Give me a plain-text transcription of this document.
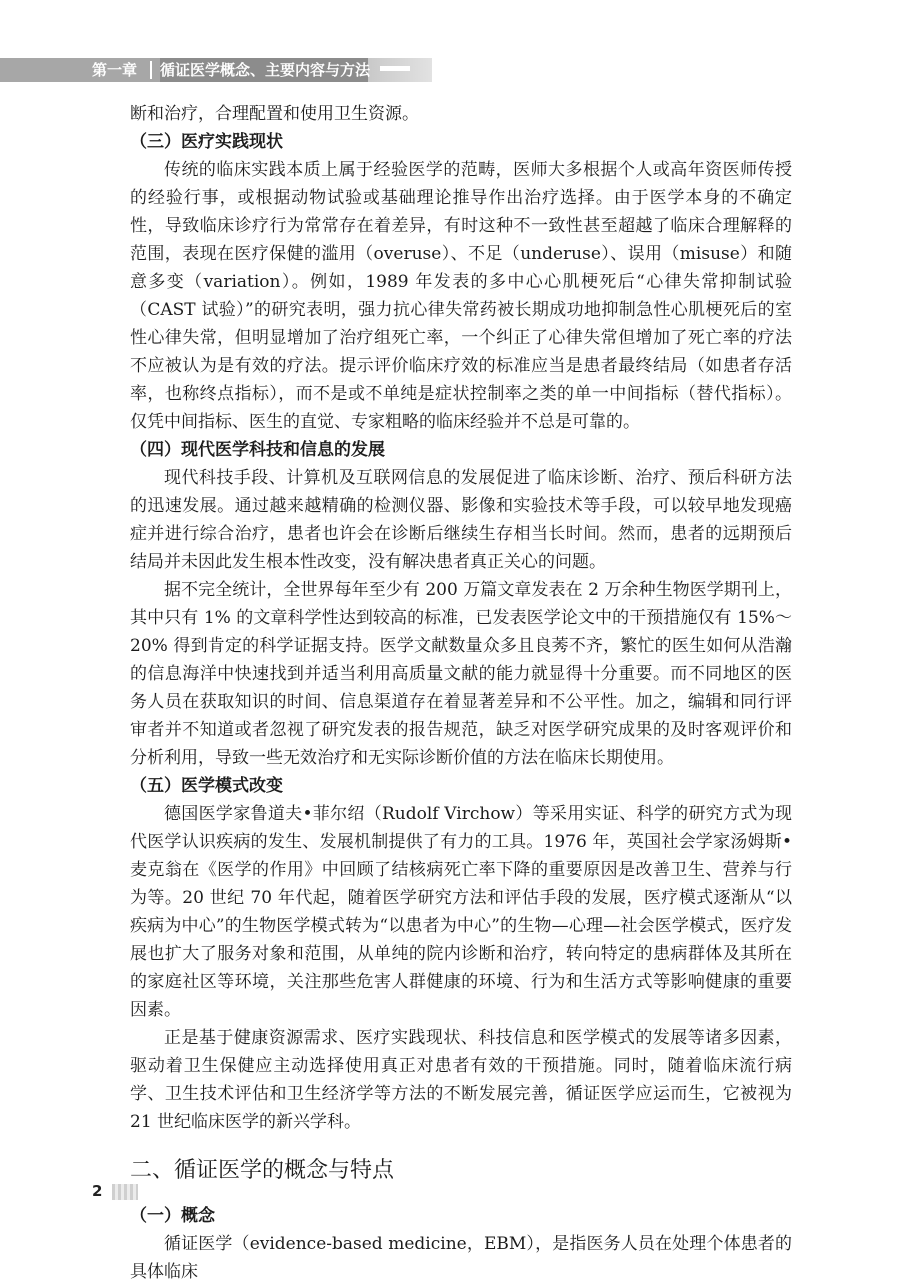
第一章 循证医学概念、主要内容与方法

断和治疗，合理配置和使用卫生资源。

（三）医疗实践现状

传统的临床实践本质上属于经验医学的范畴，医师大多根据个人或高年资医师传授的经验行事，或根据动物试验或基础理论推导作出治疗选择。由于医学本身的不确定性，导致临床诊疗行为常常存在着差异，有时这种不一致性甚至超越了临床合理解释的范围，表现在医疗保健的滥用（overuse）、不足（underuse）、误用（misuse）和随意多变（variation）。例如，1989 年发表的多中心心肌梗死后“心律失常抑制试验（CAST 试验）”的研究表明，强力抗心律失常药被长期成功地抑制急性心肌梗死后的室性心律失常，但明显增加了治疗组死亡率，一个纠正了心律失常但增加了死亡率的疗法不应被认为是有效的疗法。提示评价临床疗效的标准应当是患者最终结局（如患者存活率，也称终点指标），而不是或不单纯是症状控制率之类的单一中间指标（替代指标）。仅凭中间指标、医生的直觉、专家粗略的临床经验并不总是可靠的。

（四）现代医学科技和信息的发展

现代科技手段、计算机及互联网信息的发展促进了临床诊断、治疗、预后科研方法的迅速发展。通过越来越精确的检测仪器、影像和实验技术等手段，可以较早地发现癌症并进行综合治疗，患者也许会在诊断后继续生存相当长时间。然而，患者的远期预后结局并未因此发生根本性改变，没有解决患者真正关心的问题。

据不完全统计，全世界每年至少有 200 万篇文章发表在 2 万余种生物医学期刊上，其中只有 1% 的文章科学性达到较高的标准，已发表医学论文中的干预措施仅有 15%～20% 得到肯定的科学证据支持。医学文献数量众多且良莠不齐，繁忙的医生如何从浩瀚的信息海洋中快速找到并适当利用高质量文献的能力就显得十分重要。而不同地区的医务人员在获取知识的时间、信息渠道存在着显著差异和不公平性。加之，编辑和同行评审者并不知道或者忽视了研究发表的报告规范，缺乏对医学研究成果的及时客观评价和分析利用，导致一些无效治疗和无实际诊断价值的方法在临床长期使用。

（五）医学模式改变

德国医学家鲁道夫•菲尔绍（Rudolf Virchow）等采用实证、科学的研究方式为现代医学认识疾病的发生、发展机制提供了有力的工具。1976 年，英国社会学家汤姆斯•麦克翁在《医学的作用》中回顾了结核病死亡率下降的重要原因是改善卫生、营养与行为等。20 世纪 70 年代起，随着医学研究方法和评估手段的发展，医疗模式逐渐从“以疾病为中心”的生物医学模式转为“以患者为中心”的生物—心理—社会医学模式，医疗发展也扩大了服务对象和范围，从单纯的院内诊断和治疗，转向特定的患病群体及其所在的家庭社区等环境，关注那些危害人群健康的环境、行为和生活方式等影响健康的重要因素。

正是基于健康资源需求、医疗实践现状、科技信息和医学模式的发展等诸多因素，驱动着卫生保健应主动选择使用真正对患者有效的干预措施。同时，随着临床流行病学、卫生技术评估和卫生经济学等方法的不断发展完善，循证医学应运而生，它被视为 21 世纪临床医学的新兴学科。

二、循证医学的概念与特点
（一）概念

循证医学（evidence-based medicine，EBM），是指医务人员在处理个体患者的具体临床

2
